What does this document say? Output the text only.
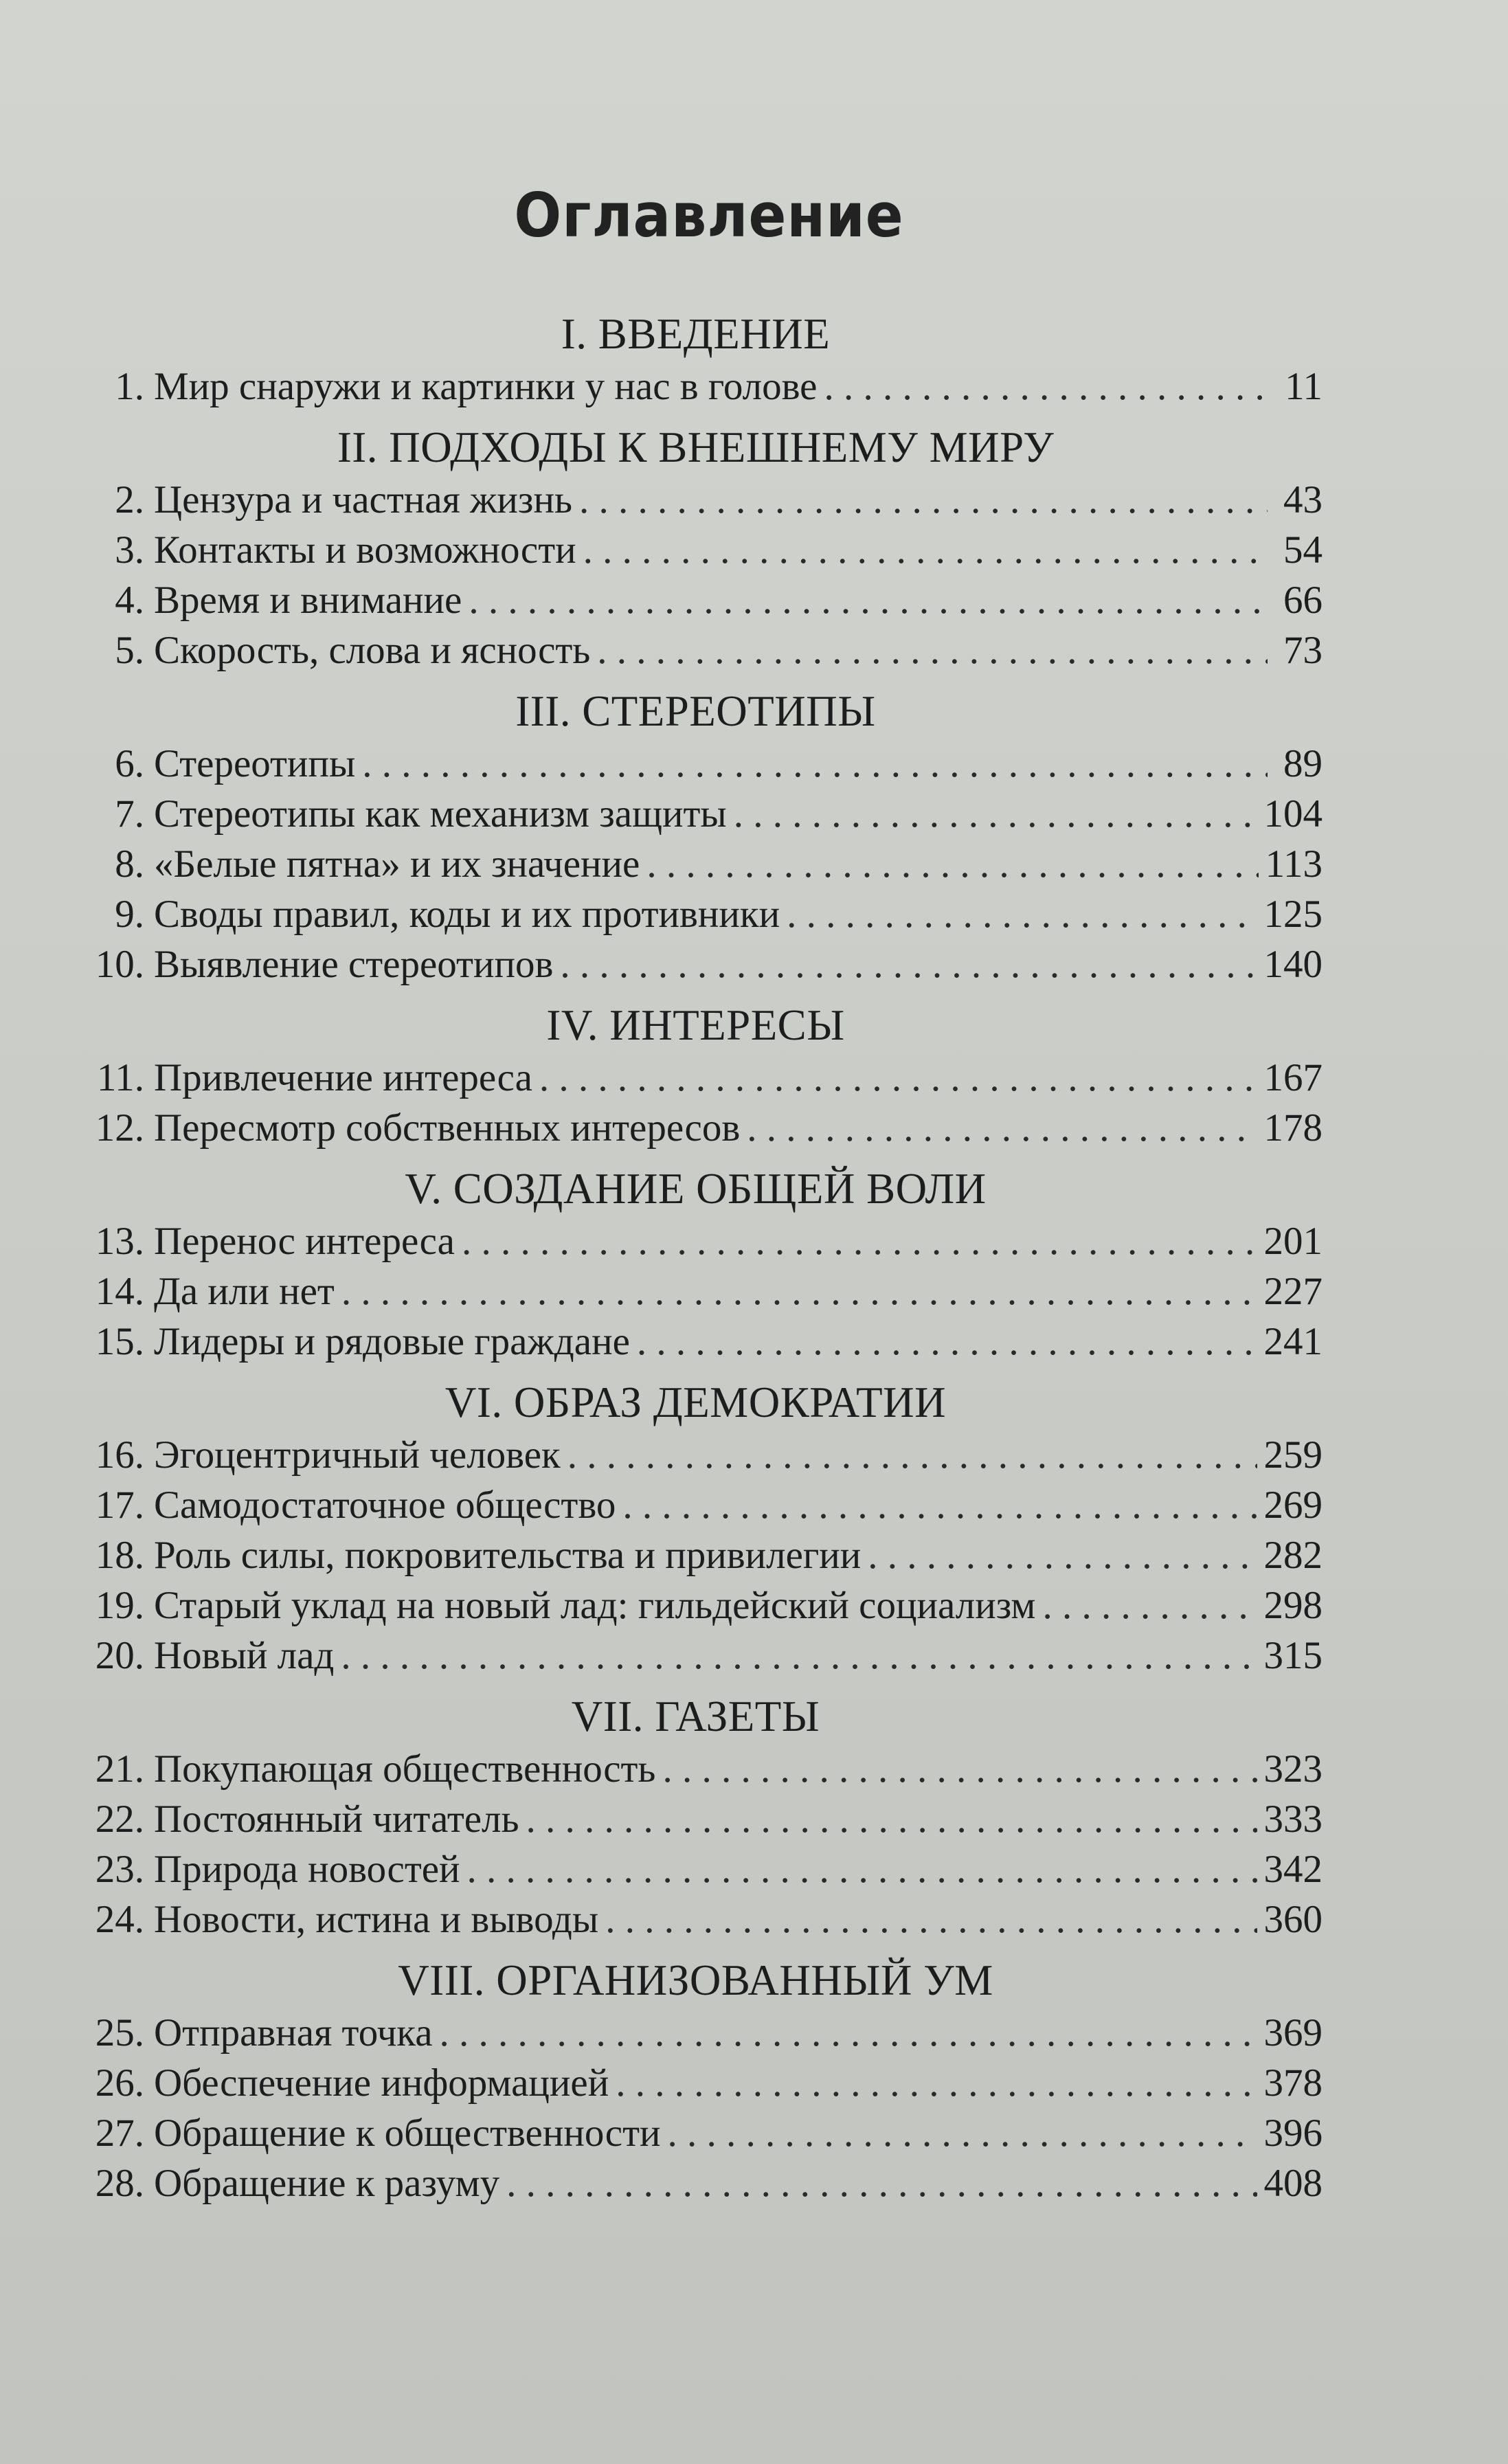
Оглавление
I. ВВЕДЕНИЕ
1. Мир снаружи и картинки у нас в голове . . .	11
II. ПОДХОДЫ К ВНЕШНЕМУ МИРУ
2. Цензура и частная жизнь . . .	43
3. Контакты и возможности . . .	54
4. Время и внимание . . .	66
5. Скорость, слова и ясность . . .	73
III. СТЕРЕОТИПЫ
6. Стереотипы . . .	89
7. Стереотипы как механизм защиты . . .	104
8. «Белые пятна» и их значение . . .	113
9. Своды правил, коды и их противники . . .	125
10. Выявление стереотипов . . .	140
IV. ИНТЕРЕСЫ
11. Привлечение интереса . . .	167
12. Пересмотр собственных интересов . . .	178
V. СОЗДАНИЕ ОБЩЕЙ ВОЛИ
13. Перенос интереса . . .	201
14. Да или нет . . .	227
15. Лидеры и рядовые граждане . . .	241
VI. ОБРАЗ ДЕМОКРАТИИ
16. Эгоцентричный человек . . .	259
17. Самодостаточное общество . . .	269
18. Роль силы, покровительства и привилегии . . .	282
19. Старый уклад на новый лад: гильдейский социализм . . .	298
20. Новый лад . . .	315
VII. ГАЗЕТЫ
21. Покупающая общественность . . .	323
22. Постоянный читатель . . .	333
23. Природа новостей . . .	342
24. Новости, истина и выводы . . .	360
VIII. ОРГАНИЗОВАННЫЙ УМ
25. Отправная точка . . .	369
26. Обеспечение информацией . . .	378
27. Обращение к общественности . . .	396
28. Обращение к разуму . . .	408
